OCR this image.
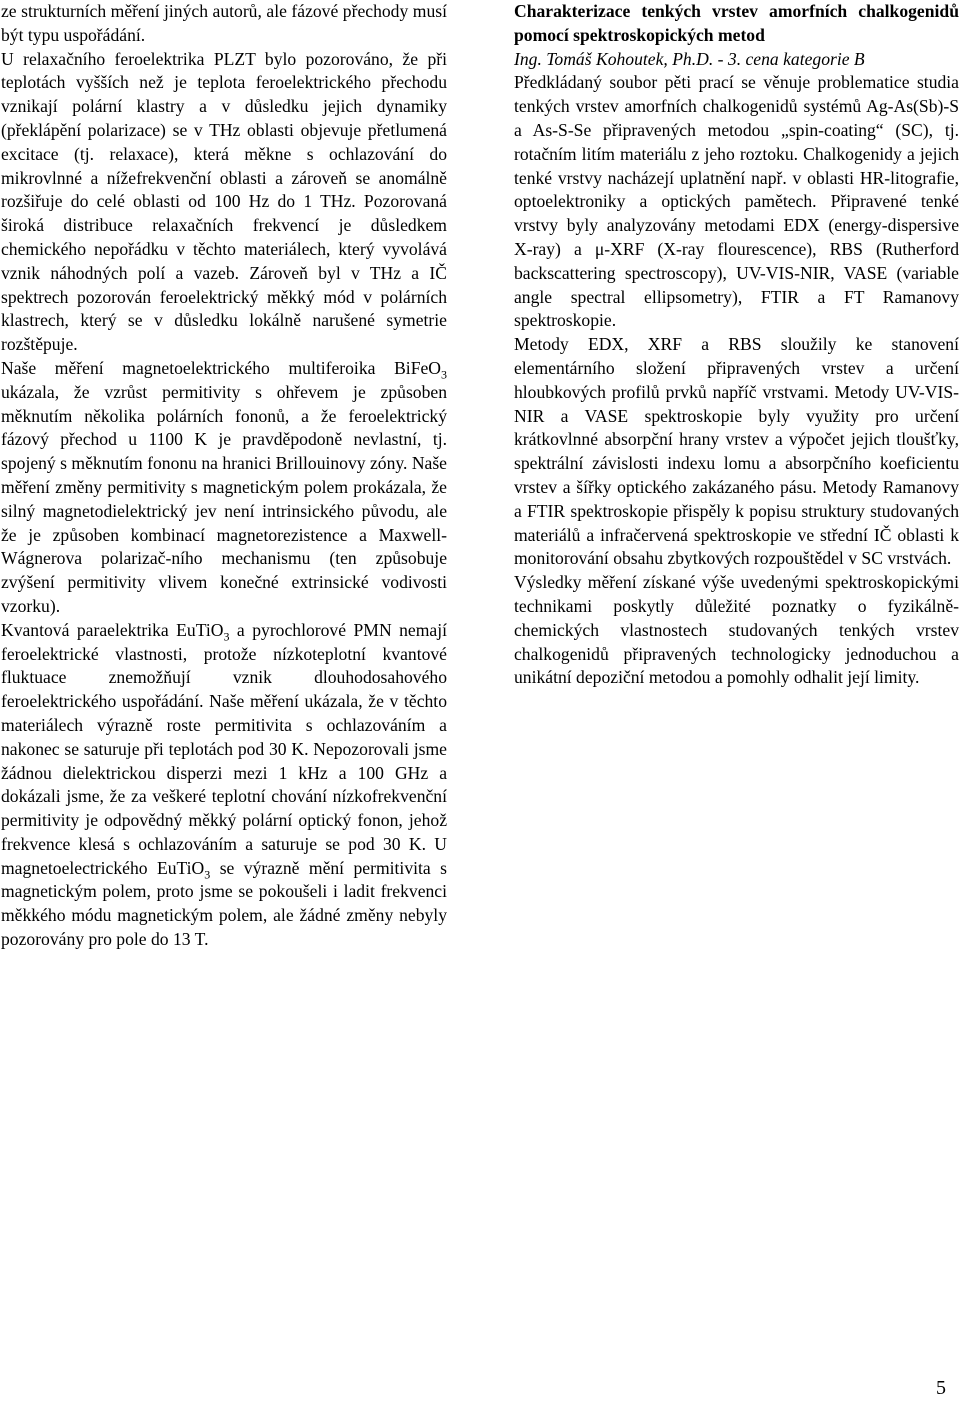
ze strukturních měření jiných autorů, ale fázové přechody musí být typu uspořádání.

U relaxačního feroelektrika PLZT bylo pozorováno, že při teplotách vyšších než je teplota feroelektrického přechodu vznikají polární klastry a v důsledku jejich dynamiky (překlápění polarizace) se v THz oblasti objevuje přetlumená excitace (tj. relaxace), která měkne s ochlazování do mikrovlnné a nížefrekvenční oblasti a zároveň se anomálně rozšiřuje do celé oblasti od 100 Hz do 1 THz. Pozorovaná široká distribuce relaxačních frekvencí je důsledkem chemického nepořádku v těchto materiálech, který vyvolává vznik náhodných polí a vazeb. Zároveň byl v THz a IČ spektrech pozorován feroelektrický měkký mód v polárních klastrech, který se v důsledku lokálně narušené symetrie rozštěpuje.

Naše měření magnetoelektrického multiferoika BiFeO$_3$ ukázala, že vzrůst permitivity s ohřevem je způsoben měknutím několika polárních fononů, a že feroelektrický fázový přechod u 1100 K je pravděpodoně nevlastní, tj. spojený s měknutím fononu na hranici Brillouinovy zóny. Naše měření změny permitivity s magnetickým polem prokázala, že silný magnetodielektrický jev není intrinsického původu, ale že je způsoben kombinací magnetorezistence a Maxwell-Wágnerova polarizač-ního mechanismu (ten způsobuje zvýšení permitivity vlivem konečné extrinsické vodivosti vzorku).

Kvantová paraelektrika EuTiO$_3$ a pyrochlorové PMN nemají feroelektrické vlastnosti, protože nízkoteplotní kvantové fluktuace znemožňují vznik dlouhodosahového feroelektrického uspořádání. Naše měření ukázala, že v těchto materiálech výrazně roste permitivita s ochlazováním a nakonec se saturuje při teplotách pod 30 K. Nepozorovali jsme žádnou dielektrickou disperzi mezi 1 kHz a 100 GHz a dokázali jsme, že za veškeré teplotní chování nízkofrekvenční permitivity je odpovědný měkký polární optický fonon, jehož frekvence klesá s ochlazováním a saturuje se pod 30 K. U magnetoelectrického EuTiO$_3$ se výrazně mění permitivita s magnetickým polem, proto jsme se pokoušeli i ladit frekvenci měkkého módu magnetickým polem, ale žádné změny nebyly pozorovány pro pole do 13 T.

Charakterizace tenkých vrstev amorfních chalkogenidů pomocí spektroskopických metod

Ing. Tomáš Kohoutek, Ph.D. - 3. cena kategorie B

Předkládaný soubor pěti prací se věnuje problematice studia tenkých vrstev amorfních chalkogenidů systémů Ag-As(Sb)-S a As-S-Se připravených metodou „spin-coating“ (SC), tj. rotačním litím materiálu z jeho roztoku. Chalkogenidy a jejich tenké vrstvy nacházejí uplatnění např. v oblasti HR-litografie, optoelektroniky a optických pamětech. Připravené tenké vrstvy byly analyzovány metodami EDX (energy-dispersive X-ray) a μ-XRF (X-ray flourescence), RBS (Rutherford backscattering spectroscopy), UV-VIS-NIR, VASE (variable angle spectral ellipsometry), FTIR a FT Ramanovy spektroskopie.

Metody EDX, XRF a RBS sloužily ke stanovení elementárního složení připravených vrstev a určení hloubkových profilů prvků napříč vrstvami. Metody UV-VIS-NIR a VASE spektroskopie byly využity pro určení krátkovlnné absorpční hrany vrstev a výpočet jejich tloušťky, spektrální závislosti indexu lomu a absorpčního koeficientu vrstev a šířky optického zakázaného pásu. Metody Ramanovy a FTIR spektroskopie přispěly k popisu struktury studovaných materiálů a infračervená spektroskopie ve střední IČ oblasti k monitorování obsahu zbytkových rozpouštědel v SC vrstvách.

Výsledky měření získané výše uvedenými spektroskopickými technikami poskytly důležité poznatky o fyzikálně-chemických vlastnostech studovaných tenkých vrstev chalkogenidů připravených technologicky jednoduchou a unikátní depoziční metodou a pomohly odhalit její limity.

5
